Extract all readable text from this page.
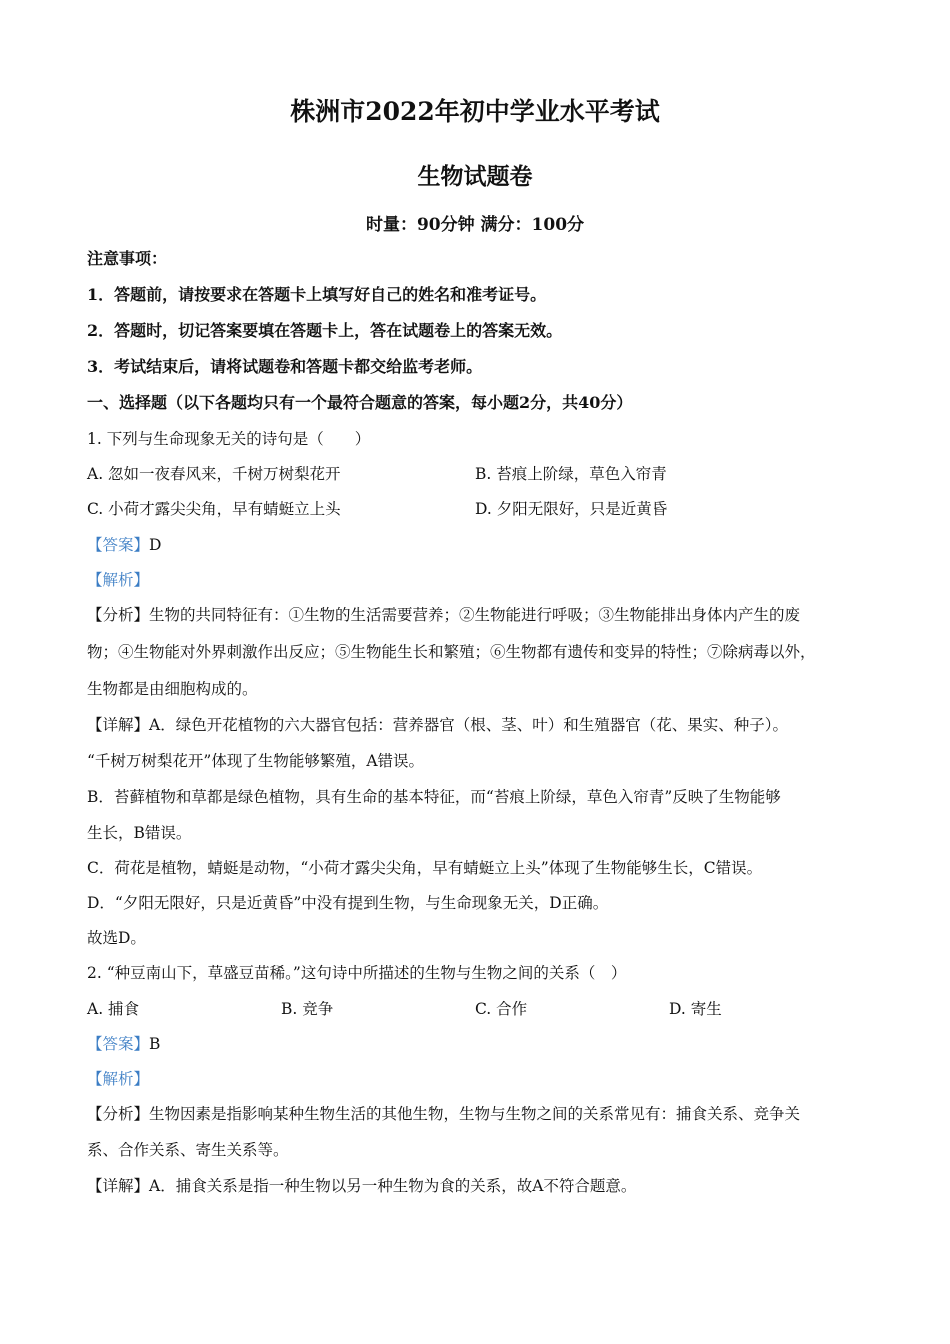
株洲市2022年初中学业水平考试
生物试题卷
时量：90分钟 满分：100分
注意事项：
1．答题前，请按要求在答题卡上填写好自己的姓名和准考证号。
2．答题时，切记答案要填在答题卡上，答在试题卷上的答案无效。
3．考试结束后，请将试题卷和答题卡都交给监考老师。
一、选择题（以下各题均只有一个最符合题意的答案，每小题2分，共40分）
1. 下列与生命现象无关的诗句是（　　）
A. 忽如一夜春风来，千树万树梨花开	B. 苔痕上阶绿，草色入帘青
C. 小荷才露尖尖角，早有蜻蜓立上头	D. 夕阳无限好，只是近黄昏
【答案】D
【解析】
【分析】生物的共同特征有：①生物的生活需要营养；②生物能进行呼吸；③生物能排出身体内产生的废
物；④生物能对外界刺激作出反应；⑤生物能生长和繁殖；⑥生物都有遗传和变异的特性；⑦除病毒以外，
生物都是由细胞构成的。
【详解】A．绿色开花植物的六大器官包括：营养器官（根、茎、叶）和生殖器官（花、果实、种子）。
“千树万树梨花开”体现了生物能够繁殖，A错误。
B．苔藓植物和草都是绿色植物，具有生命的基本特征，而“苔痕上阶绿，草色入帘青”反映了生物能够
生长，B错误。
C．荷花是植物，蜻蜓是动物，“小荷才露尖尖角，早有蜻蜓立上头”体现了生物能够生长，C错误。
D．“夕阳无限好，只是近黄昏”中没有提到生物，与生命现象无关，D正确。
故选D。
2. “种豆南山下，草盛豆苗稀。”这句诗中所描述的生物与生物之间的关系（　）
A. 捕食	B. 竞争	C. 合作	D. 寄生
【答案】B
【解析】
【分析】生物因素是指影响某种生物生活的其他生物，生物与生物之间的关系常见有：捕食关系、竞争关
系、合作关系、寄生关系等。
【详解】A．捕食关系是指一种生物以另一种生物为食的关系，故A不符合题意。
